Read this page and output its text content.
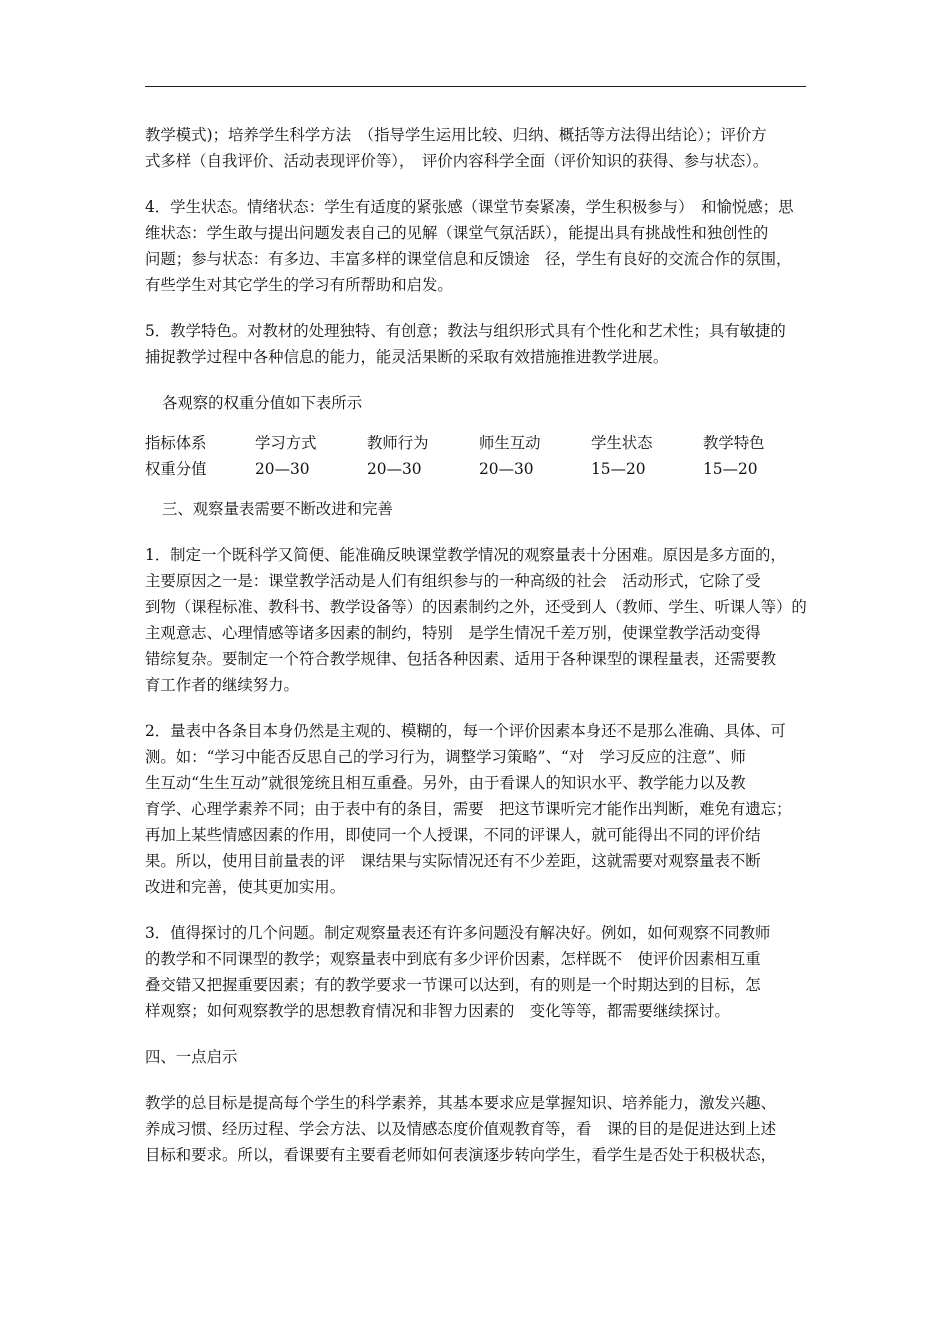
教学模式)；培养学生科学方法　（指导学生运用比较、归纳、概括等方法得出结论）；评价方

式多样（自我评价、活动表现评价等），　评价内容科学全面（评价知识的获得、参与状态）。

4．学生状态。情绪状态：学生有适度的紧张感（课堂节奏紧凑，学生积极参与）　和愉悦感；思

维状态：学生敢与提出问题发表自己的见解（课堂气氛活跃），能提出具有挑战性和独创性的

问题；参与状态：有多边、丰富多样的课堂信息和反馈途　径，学生有良好的交流合作的氛围，

有些学生对其它学生的学习有所帮助和启发。

5．教学特色。对教材的处理独特、有创意；教法与组织形式具有个性化和艺术性；具有敏捷的

捕捉教学过程中各种信息的能力，能灵活果断的采取有效措施推进教学进展。

各观察的权重分值如下表所示

指标体系	学习方式	教师行为	师生互动	学生状态	教学特色
权重分值	20—30	20—30	20—30	15—20	15—20

三、观察量表需要不断改进和完善

1．制定一个既科学又简便、能准确反映课堂教学情况的观察量表十分困难。原因是多方面的，

主要原因之一是：课堂教学活动是人们有组织参与的一种高级的社会　活动形式，它除了受

到物（课程标准、教科书、教学设备等）的因素制约之外，还受到人（教师、学生、听课人等）的

主观意志、心理情感等诸多因素的制约，特别　是学生情况千差万别，使课堂教学活动变得

错综复杂。要制定一个符合教学规律、包括各种因素、适用于各种课型的课程量表，还需要教

育工作者的继续努力。

2．量表中各条目本身仍然是主观的、模糊的，每一个评价因素本身还不是那么准确、具体、可

测。如：“学习中能否反思自己的学习行为，调整学习策略”、“对　学习反应的注意”、师

生互动“生生互动”就很笼统且相互重叠。另外，由于看课人的知识水平、教学能力以及教

育学、心理学素养不同；由于表中有的条目，需要　把这节课听完才能作出判断，难免有遗忘；

再加上某些情感因素的作用，即使同一个人授课，不同的评课人，就可能得出不同的评价结

果。所以，使用目前量表的评　课结果与实际情况还有不少差距，这就需要对观察量表不断

改进和完善，使其更加实用。

3．值得探讨的几个问题。制定观察量表还有许多问题没有解决好。例如，如何观察不同教师

的教学和不同课型的教学；观察量表中到底有多少评价因素，怎样既不　使评价因素相互重

叠交错又把握重要因素；有的教学要求一节课可以达到，有的则是一个时期达到的目标，怎

样观察；如何观察教学的思想教育情况和非智力因素的　变化等等，都需要继续探讨。

四、一点启示

教学的总目标是提高每个学生的科学素养，其基本要求应是掌握知识、培养能力，激发兴趣、

养成习惯、经历过程、学会方法、以及情感态度价值观教育等，看　课的目的是促进达到上述

目标和要求。所以，看课要有主要看老师如何表演逐步转向学生，看学生是否处于积极状态，
